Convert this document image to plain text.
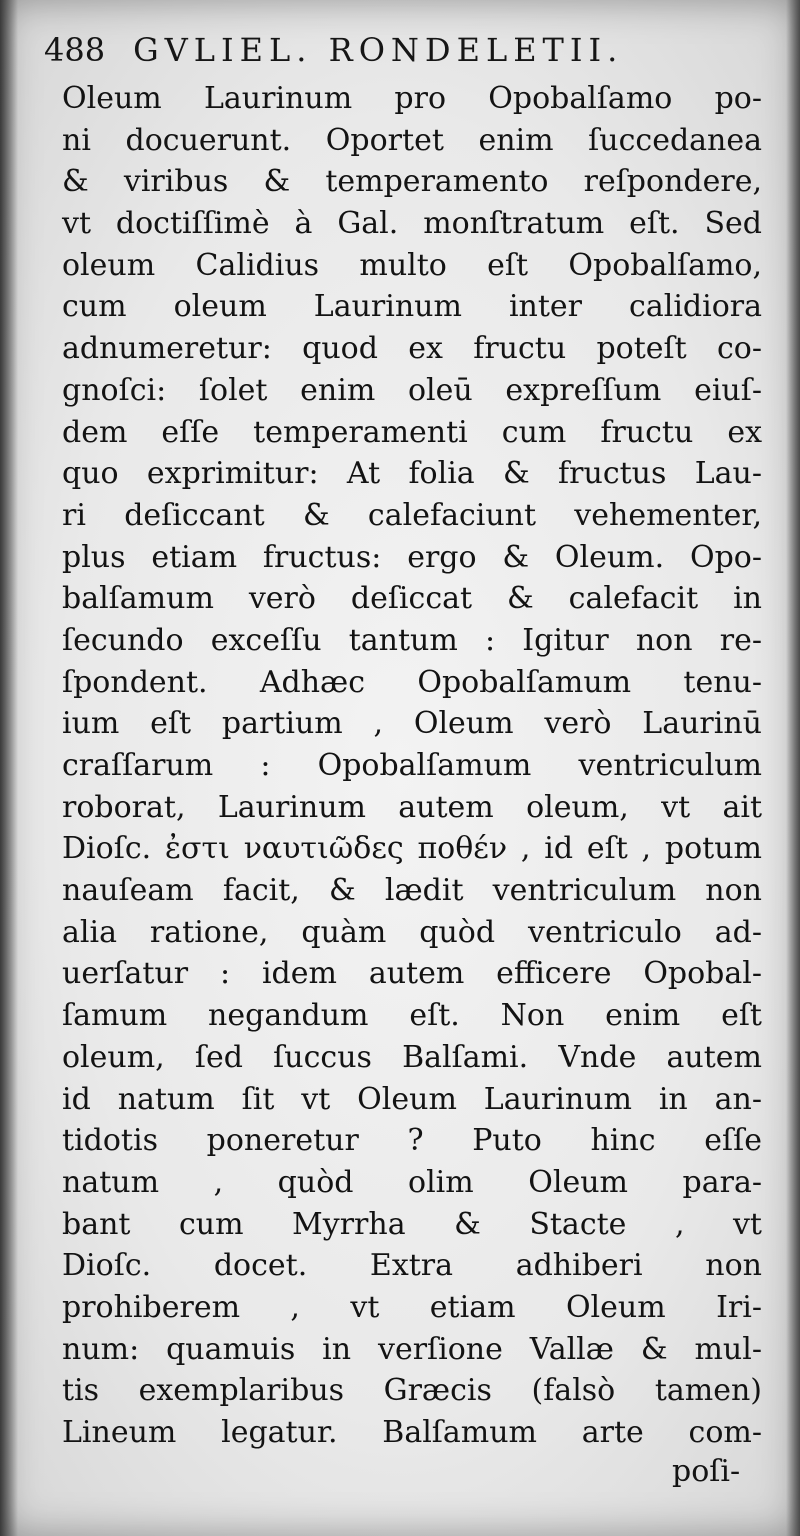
488 GVLIEL. RONDELETII.
Oleum Laurinum pro Opobalſamo po-
ni docuerunt. Oportet enim ſuccedanea
& viribus & temperamento reſpondere,
vt doctiſſimè à Gal. monſtratum eſt. Sed
oleum Calidius multo eſt Opobalſamo,
cum oleum Laurinum inter calidiora
adnumeretur: quod ex fructu poteſt co-
gnoſci: ſolet enim oleū expreſſum eiuſ-
dem eſſe temperamenti cum fructu ex
quo exprimitur: At folia & fructus Lau-
ri deſiccant & calefaciunt vehementer,
plus etiam fructus: ergo & Oleum. Opo-
balſamum verò deſiccat & calefacit in
ſecundo exceſſu tantum : Igitur non re-
ſpondent. Adhæc Opobalſamum tenu-
ium eſt partium , Oleum verò Laurinū
craſſarum : Opobalſamum ventriculum
roborat, Laurinum autem oleum, vt ait
Dioſc. ἐστι ναυτιῶδες ποθέν , id eſt , potum
nauſeam facit, & lædit ventriculum non
alia ratione, quàm quòd ventriculo ad-
uerſatur : idem autem efficere Opobal-
ſamum negandum eſt. Non enim eſt
oleum, ſed ſuccus Balſami. Vnde autem
id natum ſit vt Oleum Laurinum in an-
tidotis poneretur ? Puto hinc eſſe
natum , quòd olim Oleum para-
bant cum Myrrha & Stacte , vt
Dioſc. docet. Extra adhiberi non
prohiberem , vt etiam Oleum Iri-
num: quamuis in verſione Vallæ & mul-
tis exemplaribus Græcis (falsò tamen)
Lineum legatur. Balſamum arte com-
poſi-
